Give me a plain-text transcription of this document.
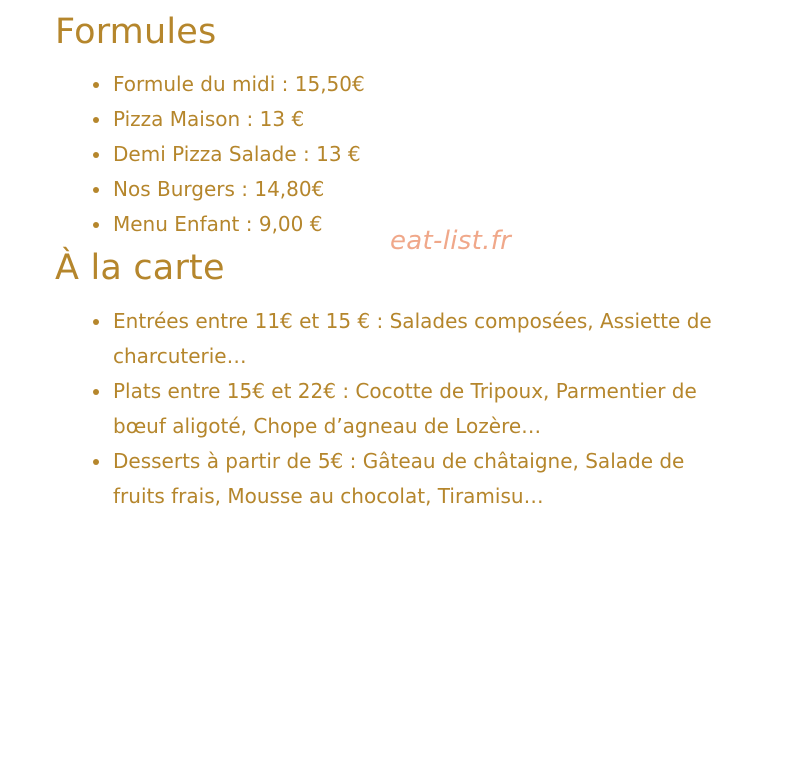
Formules
Formule du midi : 15,50€
Pizza Maison : 13 €
Demi Pizza Salade : 13 €
Nos Burgers : 14,80€
Menu Enfant : 9,00 €
À la carte
Entrées entre 11€ et 15 € : Salades composées, Assiette de charcuterie…
Plats entre 15€ et 22€ : Cocotte de Tripoux, Parmentier de bœuf aligoté, Chope d’agneau de Lozère…
Desserts à partir de 5€ : Gâteau de châtaigne, Salade de fruits frais, Mousse au chocolat, Tiramisu…
eat-list.fr
